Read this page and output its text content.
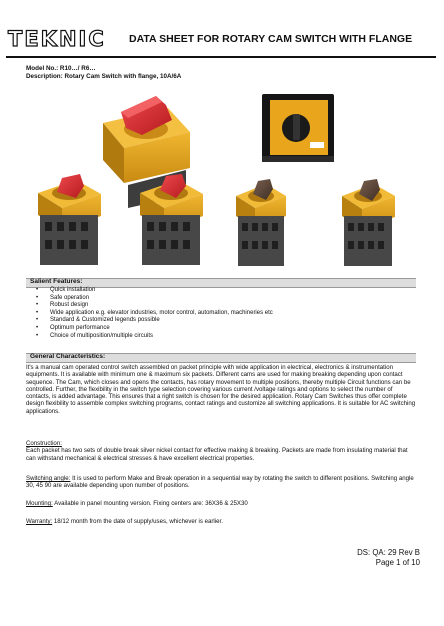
TEKNIC DATA SHEET FOR ROTARY CAM SWITCH WITH FLANGE
Model No.: R10…/ R6…
Description: Rotary Cam Switch with flange, 10A/6A
Salient Features:
• Quick installation
• Safe operation
• Robust design
• Wide application e.g. elevator industries, motor control, automation, machineries etc
• Standard & Customized legends possible
• Optimum performance
• Choice of multiposition/multiple circuits
General Characteristics:
It's a manual cam operated control switch assembled on packet principle with wide application in electrical, electronics & instrumentation equipments. It is available with minimum one & maximum six packets. Different cams are used for making breaking depending upon contact sequence. The Cam, which closes and opens the contacts, has rotary movement to multiple positions, thereby multiple Circuit functions can be controlled. Further, the flexibility in the switch type selection covering various current /voltage ratings and options to select the number of contacts, is added advantage. This ensures that a right switch is chosen for the desired application. Rotary Cam Switches thus offer complete design flexibility to assemble complex switching programs, contact ratings and customize all switching applications. It is suitable for AC switching applications.
Construction:
Each packet has two sets of double break silver nickel contact for effective making & breaking. Packets are made from insulating material that can withstand mechanical & electrical stresses & have excellent electrical properties.
Switching angle: It is used to perform Make and Break operation in a sequential way by rotating the switch to different positions. Switching angle 30, 45 90 are available depending upon number of positions.
Mounting: Available in panel mounting version. Fixing centers are: 36X36 & 25X30
Warranty: 18/12 month from the date of supply/uses, whichever is earlier.
DS: QA: 29 Rev B
Page 1 of 10
